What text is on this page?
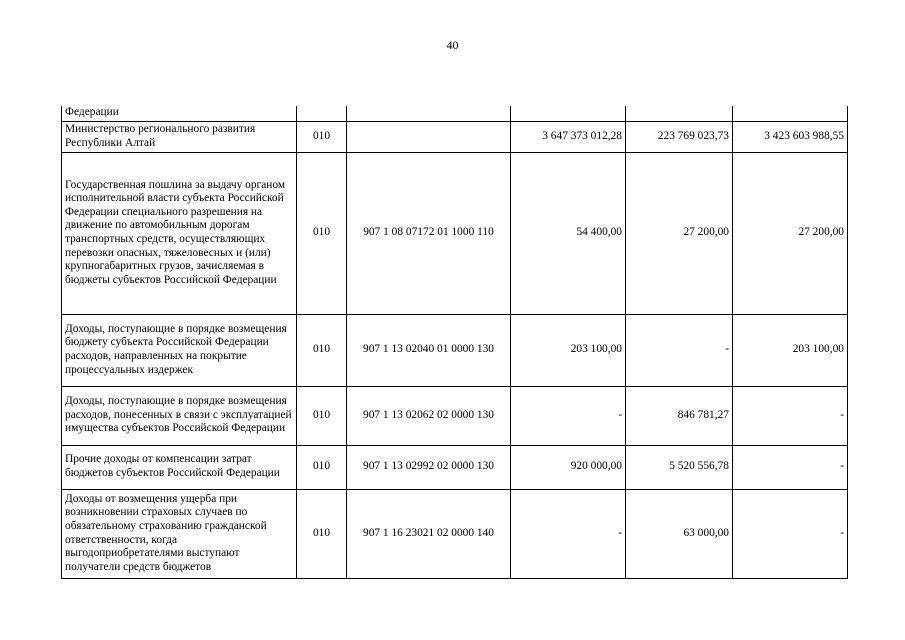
40
Федерации					
Министерство регионального развития Республики Алтай	010		3 647 373 012,28	223 769 023,73	3 423 603 988,55
Государственная пошлина за выдачу органом исполнительной власти субъекта Российской Федерации специального разрешения на движение по автомобильным дорогам транспортных средств, осуществляющих перевозки опасных, тяжеловесных и (или) крупногабаритных грузов, зачисляемая в бюджеты субъектов Российской Федерации	010	907 1 08 07172 01 1000 110	54 400,00	27 200,00	27 200,00
Доходы, поступающие в порядке возмещения бюджету субъекта Российской Федерации расходов, направленных на покрытие процессуальных издержек	010	907 1 13 02040 01 0000 130	203 100,00	-	203 100,00
Доходы, поступающие в порядке возмещения расходов, понесенных в связи с эксплуатацией имущества субъектов Российской Федерации	010	907 1 13 02062 02 0000 130	-	846 781,27	-
Прочие доходы от компенсации затрат бюджетов субъектов Российской Федерации	010	907 1 13 02992 02 0000 130	920 000,00	5 520 556,78	-
Доходы от возмещения ущерба при возникновении страховых случаев по обязательному страхованию гражданской ответственности, когда выгодоприобретателями выступают получатели средств бюджетов	010	907 1 16 23021 02 0000 140	-	63 000,00	-
